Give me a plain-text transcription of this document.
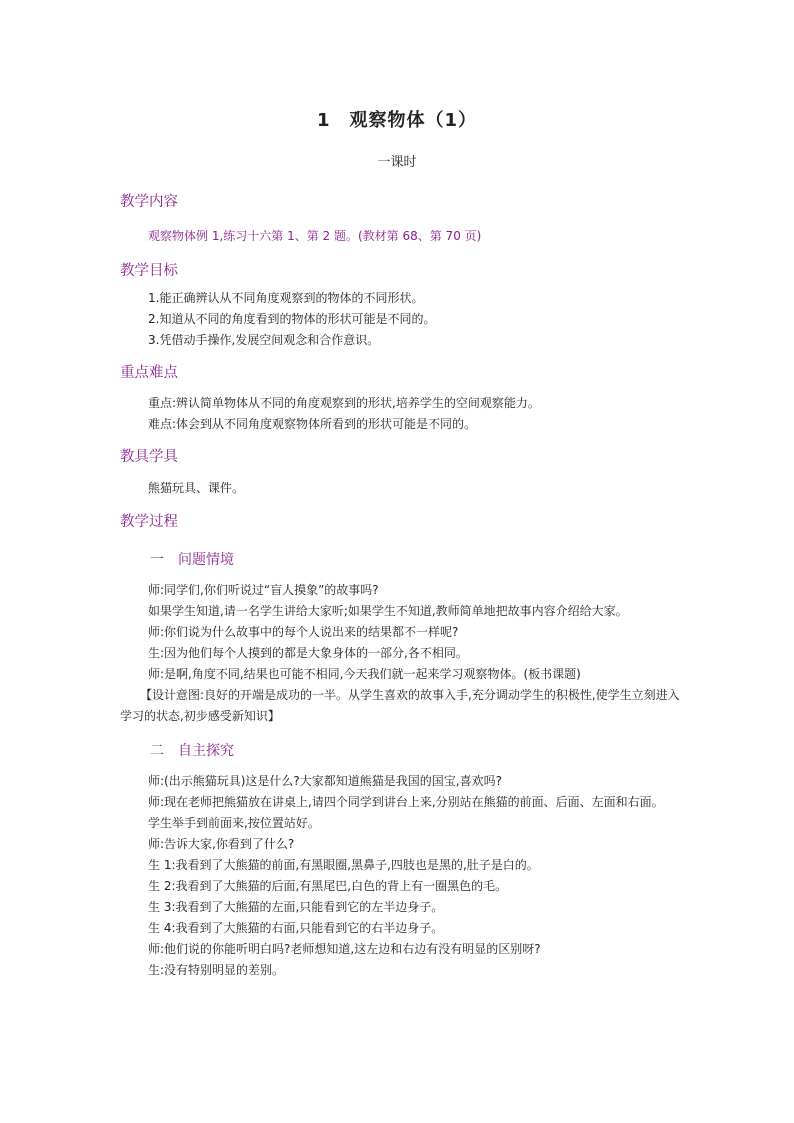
1　观察物体（1）
一课时
教学内容

观察物体例 1,练习十六第 1、第 2 题。(教材第 68、第 70 页)

教学目标

1.能正确辨认从不同角度观察到的物体的不同形状。

2.知道从不同的角度看到的物体的形状可能是不同的。

3.凭借动手操作,发展空间观念和合作意识。

重点难点

重点:辨认简单物体从不同的角度观察到的形状,培养学生的空间观察能力。

难点:体会到从不同角度观察物体所看到的形状可能是不同的。

教具学具

熊猫玩具、课件。

教学过程
一　问题情境

师:同学们,你们听说过“盲人摸象”的故事吗?

如果学生知道,请一名学生讲给大家听;如果学生不知道,教师简单地把故事内容介绍给大家。

师:你们说为什么故事中的每个人说出来的结果都不一样呢?

生:因为他们每个人摸到的都是大象身体的一部分,各不相同。

师:是啊,角度不同,结果也可能不相同,今天我们就一起来学习观察物体。(板书课题)

【设计意图:良好的开端是成功的一半。从学生喜欢的故事入手,充分调动学生的积极性,使学生立刻进入学习的状态,初步感受新知识】

二　自主探究

师:(出示熊猫玩具)这是什么?大家都知道熊猫是我国的国宝,喜欢吗?

师:现在老师把熊猫放在讲桌上,请四个同学到讲台上来,分别站在熊猫的前面、后面、左面和右面。

学生举手到前面来,按位置站好。

师:告诉大家,你看到了什么?

生 1:我看到了大熊猫的前面,有黑眼圈,黑鼻子,四肢也是黑的,肚子是白的。

生 2:我看到了大熊猫的后面,有黑尾巴,白色的背上有一圈黑色的毛。

生 3:我看到了大熊猫的左面,只能看到它的左半边身子。

生 4:我看到了大熊猫的右面,只能看到它的右半边身子。

师:他们说的你能听明白吗?老师想知道,这左边和右边有没有明显的区别呀?

生:没有特别明显的差别。
